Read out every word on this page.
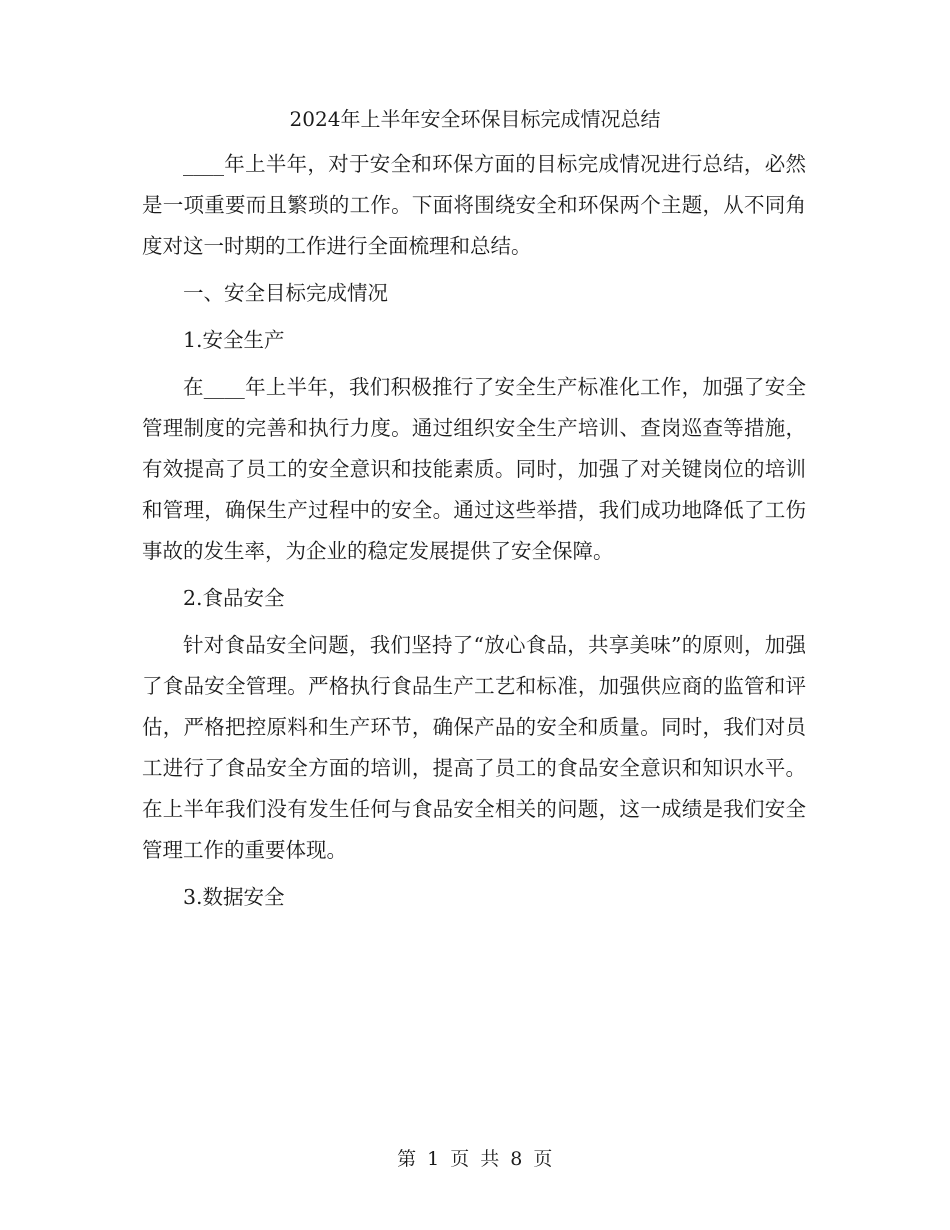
2024年上半年安全环保目标完成情况总结

____年上半年，对于安全和环保方面的目标完成情况进行总结，必然是一项重要而且繁琐的工作。下面将围绕安全和环保两个主题，从不同角度对这一时期的工作进行全面梳理和总结。

一、安全目标完成情况

1.安全生产

在____年上半年，我们积极推行了安全生产标准化工作，加强了安全管理制度的完善和执行力度。通过组织安全生产培训、查岗巡查等措施，有效提高了员工的安全意识和技能素质。同时，加强了对关键岗位的培训和管理，确保生产过程中的安全。通过这些举措，我们成功地降低了工伤事故的发生率，为企业的稳定发展提供了安全保障。

2.食品安全

针对食品安全问题，我们坚持了“放心食品，共享美味”的原则，加强了食品安全管理。严格执行食品生产工艺和标准，加强供应商的监管和评估，严格把控原料和生产环节，确保产品的安全和质量。同时，我们对员工进行了食品安全方面的培训，提高了员工的食品安全意识和知识水平。在上半年我们没有发生任何与食品安全相关的问题，这一成绩是我们安全管理工作的重要体现。

3.数据安全

第 1 页 共 8 页
